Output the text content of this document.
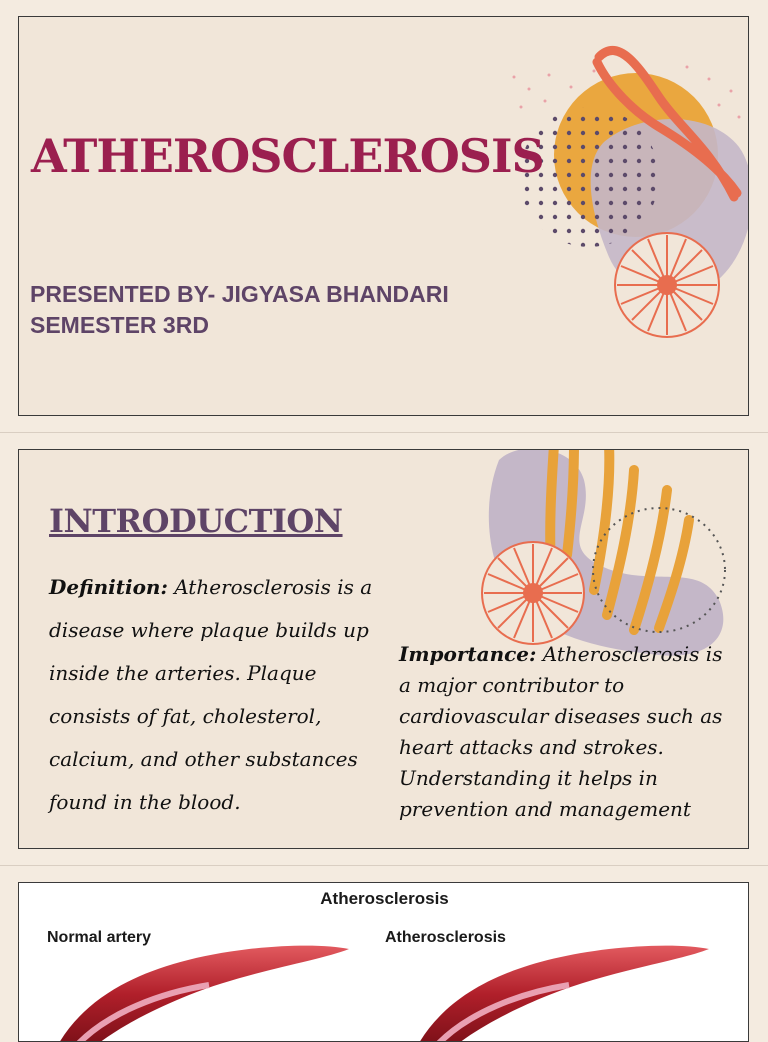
ATHEROSCLEROSIS
PRESENTED BY- JIGYASA BHANDARI
SEMESTER 3RD
INTRODUCTION

Definition: Atherosclerosis is a disease where plaque builds up inside the arteries. Plaque consists of fat, cholesterol, calcium, and other substances found in the blood.

Importance: Atherosclerosis is a major contributor to cardiovascular diseases such as heart attacks and strokes. Understanding it helps in prevention and management

Atherosclerosis
Normal artery	Atherosclerosis
